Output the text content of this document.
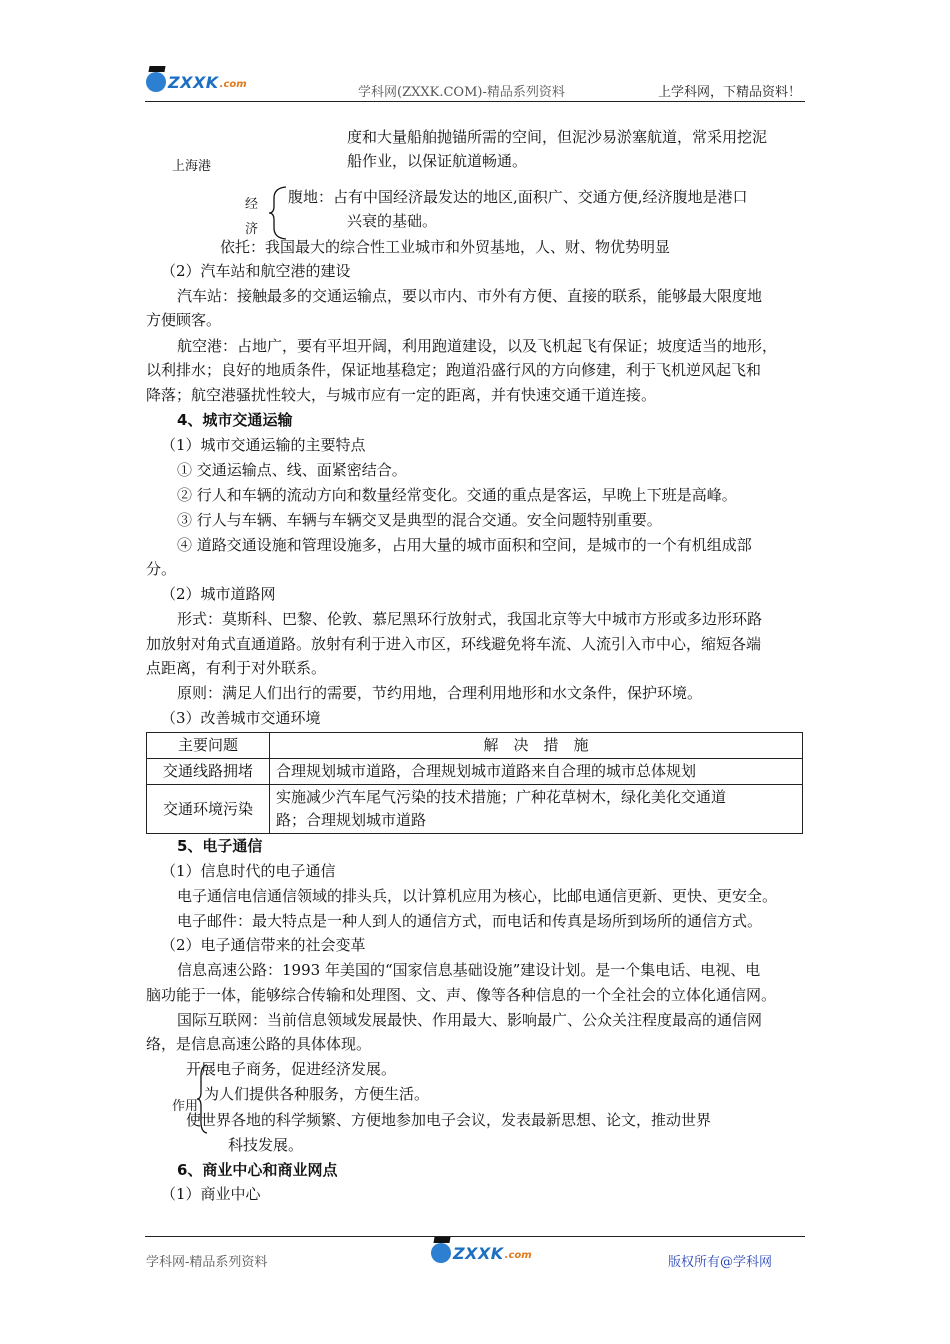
ZXXK .com
学科网(ZXXK.COM)-精品系列资料	上学科网，下精品资料！
度和大量船舶抛锚所需的空间，但泥沙易淤塞航道，常采用挖泥
船作业，以保证航道畅通。
上海港
经
济
腹地：占有中国经济最发达的地区,面积广、交通方便,经济腹地是港口
兴衰的基础。
依托：我国最大的综合性工业城市和外贸基地，人、财、物优势明显
（2）汽车站和航空港的建设
汽车站：接触最多的交通运输点，要以市内、市外有方便、直接的联系，能够最大限度地
方便顾客。
航空港：占地广，要有平坦开阔，利用跑道建设，以及飞机起飞有保证；坡度适当的地形，
以利排水；良好的地质条件，保证地基稳定；跑道沿盛行风的方向修建，利于飞机逆风起飞和
降落；航空港骚扰性较大，与城市应有一定的距离，并有快速交通干道连接。
4、城市交通运输
（1）城市交通运输的主要特点
① 交通运输点、线、面紧密结合。
② 行人和车辆的流动方向和数量经常变化。交通的重点是客运，早晚上下班是高峰。
③ 行人与车辆、车辆与车辆交叉是典型的混合交通。安全问题特别重要。
④ 道路交通设施和管理设施多，占用大量的城市面积和空间，是城市的一个有机组成部
分。
（2）城市道路网
形式：莫斯科、巴黎、伦敦、慕尼黑环行放射式，我国北京等大中城市方形或多边形环路
加放射对角式直通道路。放射有利于进入市区，环线避免将车流、人流引入市中心，缩短各端
点距离，有利于对外联系。
原则：满足人们出行的需要，节约用地，合理利用地形和水文条件，保护环境。
（3）改善城市交通环境
主要问题	解　决　措　施
交通线路拥堵	合理规划城市道路，合理规划城市道路来自合理的城市总体规划
交通环境污染	实施减少汽车尾气污染的技术措施；广种花草树木，绿化美化交通道
路；合理规划城市道路
5、电子通信
（1）信息时代的电子通信
电子通信电信通信领域的排头兵，以计算机应用为核心，比邮电通信更新、更快、更安全。
电子邮件：最大特点是一种人到人的通信方式，而电话和传真是场所到场所的通信方式。
（2）电子通信带来的社会变革
信息高速公路：1993 年美国的“国家信息基础设施”建设计划。是一个集电话、电视、电
脑功能于一体，能够综合传输和处理图、文、声、像等各种信息的一个全社会的立体化通信网。
国际互联网：当前信息领域发展最快、作用最大、影响最广、公众关注程度最高的通信网
络，是信息高速公路的具体体现。
开展电子商务，促进经济发展。
为人们提供各种服务，方便生活。
作用
使世界各地的科学频繁、方便地参加电子会议，发表最新思想、论文，推动世界
科技发展。
6、商业中心和商业网点
（1）商业中心
学科网-精品系列资料	ZXXK .com	版权所有@学科网
